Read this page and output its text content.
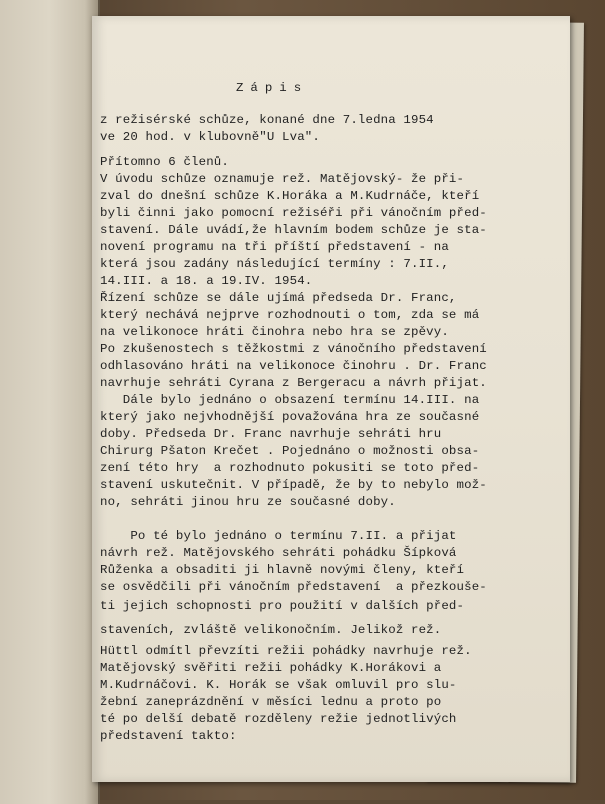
Zápis

z režisérské schůze, konané dne 7.ledna 1954

ve 20 hod. v klubovně"U Lva".

Přítomno 6 členů.

V úvodu schůze oznamuje rež. Matějovský- že při-

zval do dnešní schůze K.Horáka a M.Kudrnáče, kteří

byli činni jako pomocní režiséři při vánočním před-

stavení. Dále uvádí,že hlavním bodem schůze je sta-

novení programu na tři příští představení - na

která jsou zadány následující termíny : 7.II.,

14.III. a 18. a 19.IV. 1954.

Řízení schůze se dále ujímá předseda Dr. Franc,

který nechává nejprve rozhodnouti o tom, zda se má

na velikonoce hráti činohra nebo hra se zpěvy.

Po zkušenostech s těžkostmi z vánočního představení

odhlasováno hráti na velikonoce činohru . Dr. Franc

navrhuje sehráti Cyrana z Bergeracu a návrh přijat.

Dále bylo jednáno o obsazení termínu 14.III. na

který jako nejvhodnější považována hra ze současné

doby. Předseda Dr. Franc navrhuje sehráti hru

Chirurg Pšaton Krečet . Pojednáno o možnosti obsa-

zení této hry  a rozhodnuto pokusiti se toto před-

stavení uskutečnit. V případě, že by to nebylo mož-

no, sehráti jinou hru ze současné doby.

Po té bylo jednáno o termínu 7.II. a přijat

návrh rež. Matějovského sehráti pohádku Šípková

Růženka a obsaditi ji hlavně novými členy, kteří

se osvědčili při vánočním představení  a přezkouše-

ti jejich schopnosti pro použití v dalších před-

staveních, zvláště velikonočním. Jelikož rež.

Hüttl odmítl převzíti režii pohádky navrhuje rež.

Matějovský svěřiti režii pohádky K.Horákovi a

M.Kudrnáčovi. K. Horák se však omluvil pro slu-

žební zaneprázdnění v měsíci lednu a proto po

té po delší debatě rozděleny režie jednotlivých

představení takto:
